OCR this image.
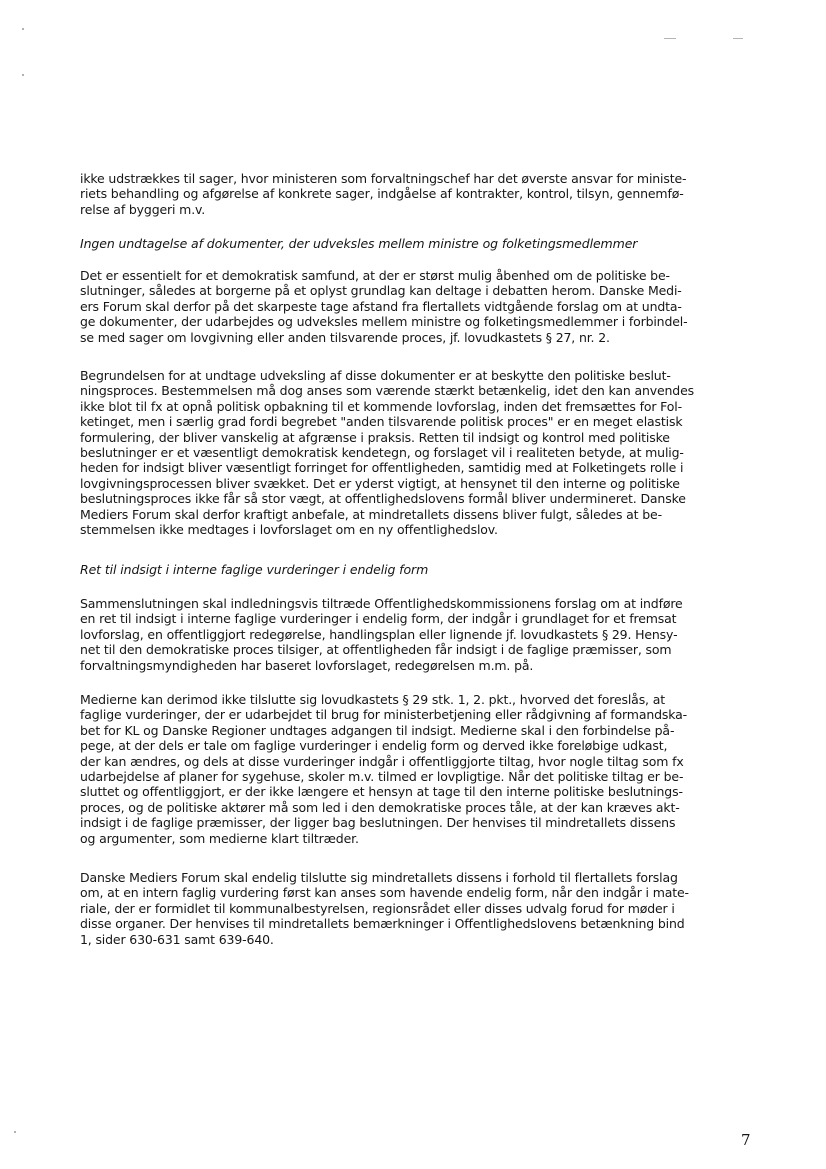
ikke udstrækkes til sager, hvor ministeren som forvaltningschef har det øverste ansvar for ministe-
riets behandling og afgørelse af konkrete sager, indgåelse af kontrakter, kontrol, tilsyn, gennemfø-
relse af byggeri m.v.
Ingen undtagelse af dokumenter, der udveksles mellem ministre og folketingsmedlemmer
Det er essentielt for et demokratisk samfund, at der er størst mulig åbenhed om de politiske be-
slutninger, således at borgerne på et oplyst grundlag kan deltage i debatten herom. Danske Medi-
ers Forum skal derfor på det skarpeste tage afstand fra flertallets vidtgående forslag om at undta-
ge dokumenter, der udarbejdes og udveksles mellem ministre og folketingsmedlemmer i forbindel-
se med sager om lovgivning eller anden tilsvarende proces, jf. lovudkastets § 27, nr. 2.
Begrundelsen for at undtage udveksling af disse dokumenter er at beskytte den politiske beslut-
ningsproces. Bestemmelsen må dog anses som værende stærkt betænkelig, idet den kan anvendes
ikke blot til fx at opnå politisk opbakning til et kommende lovforslag, inden det fremsættes for Fol-
ketinget, men i særlig grad fordi begrebet "anden tilsvarende politisk proces" er en meget elastisk
formulering, der bliver vanskelig at afgrænse i praksis. Retten til indsigt og kontrol med politiske
beslutninger er et væsentligt demokratisk kendetegn, og forslaget vil i realiteten betyde, at mulig-
heden for indsigt bliver væsentligt forringet for offentligheden, samtidig med at Folketingets rolle i
lovgivningsprocessen bliver svækket. Det er yderst vigtigt, at hensynet til den interne og politiske
beslutningsproces ikke får så stor vægt, at offentlighedslovens formål bliver undermineret. Danske
Mediers Forum skal derfor kraftigt anbefale, at mindretallets dissens bliver fulgt, således at be-
stemmelsen ikke medtages i lovforslaget om en ny offentlighedslov.
Ret til indsigt i interne faglige vurderinger i endelig form
Sammenslutningen skal indledningsvis tiltræde Offentlighedskommissionens forslag om at indføre
en ret til indsigt i interne faglige vurderinger i endelig form, der indgår i grundlaget for et fremsat
lovforslag, en offentliggjort redegørelse, handlingsplan eller lignende jf. lovudkastets § 29. Hensy-
net til den demokratiske proces tilsiger, at offentligheden får indsigt i de faglige præmisser, som
forvaltningsmyndigheden har baseret lovforslaget, redegørelsen m.m. på.
Medierne kan derimod ikke tilslutte sig lovudkastets § 29 stk. 1, 2. pkt., hvorved det foreslås, at
faglige vurderinger, der er udarbejdet til brug for ministerbetjening eller rådgivning af formandska-
bet for KL og Danske Regioner undtages adgangen til indsigt. Medierne skal i den forbindelse på-
pege, at der dels er tale om faglige vurderinger i endelig form og derved ikke foreløbige udkast,
der kan ændres, og dels at disse vurderinger indgår i offentliggjorte tiltag, hvor nogle tiltag som fx
udarbejdelse af planer for sygehuse, skoler m.v. tilmed er lovpligtige. Når det politiske tiltag er be-
sluttet og offentliggjort, er der ikke længere et hensyn at tage til den interne politiske beslutnings-
proces, og de politiske aktører må som led i den demokratiske proces tåle, at der kan kræves akt-
indsigt i de faglige præmisser, der ligger bag beslutningen. Der henvises til mindretallets dissens
og argumenter, som medierne klart tiltræder.
Danske Mediers Forum skal endelig tilslutte sig mindretallets dissens i forhold til flertallets forslag
om, at en intern faglig vurdering først kan anses som havende endelig form, når den indgår i mate-
riale, der er formidlet til kommunalbestyrelsen, regionsrådet eller disses udvalg forud for møder i
disse organer. Der henvises til mindretallets bemærkninger i Offentlighedslovens betænkning bind
1, sider 630-631 samt 639-640.
7
